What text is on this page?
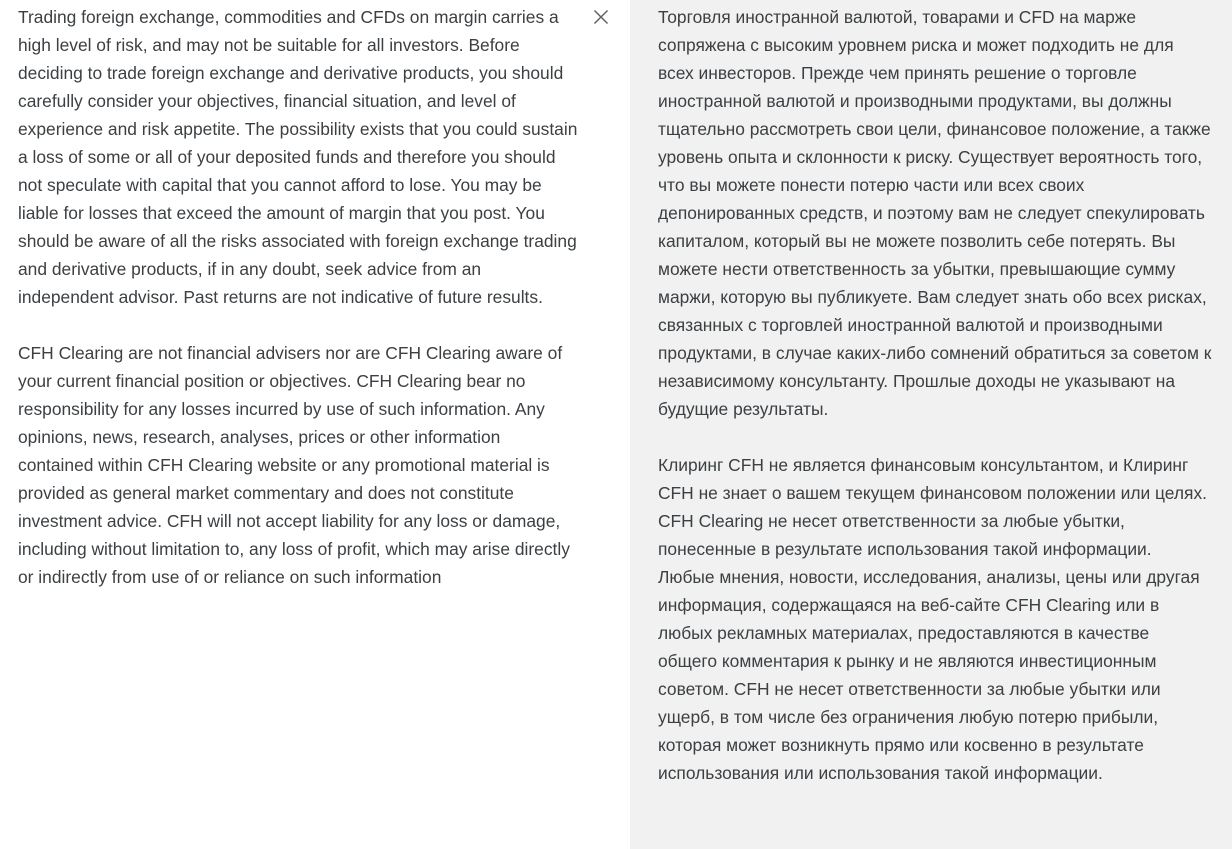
Trading foreign exchange, commodities and CFDs on margin carries a high level of risk, and may not be suitable for all investors. Before deciding to trade foreign exchange and derivative products, you should carefully consider your objectives, financial situation, and level of experience and risk appetite. The possibility exists that you could sustain a loss of some or all of your deposited funds and therefore you should not speculate with capital that you cannot afford to lose. You may be liable for losses that exceed the amount of margin that you post. You should be aware of all the risks associated with foreign exchange trading and derivative products, if in any doubt, seek advice from an independent advisor. Past returns are not indicative of future results.

CFH Clearing are not financial advisers nor are CFH Clearing aware of your current financial position or objectives. CFH Clearing bear no responsibility for any losses incurred by use of such information. Any opinions, news, research, analyses, prices or other information contained within CFH Clearing website or any promotional material is provided as general market commentary and does not constitute investment advice. CFH will not accept liability for any loss or damage, including without limitation to, any loss of profit, which may arise directly or indirectly from use of or reliance on such information

Торговля иностранной валютой, товарами и CFD на марже сопряжена с высоким уровнем риска и может подходить не для всех инвесторов. Прежде чем принять решение о торговле иностранной валютой и производными продуктами, вы должны тщательно рассмотреть свои цели, финансовое положение, а также уровень опыта и склонности к риску. Существует вероятность того, что вы можете понести потерю части или всех своих депонированных средств, и поэтому вам не следует спекулировать капиталом, который вы не можете позволить себе потерять. Вы можете нести ответственность за убытки, превышающие сумму маржи, которую вы публикуете. Вам следует знать обо всех рисках, связанных с торговлей иностранной валютой и производными продуктами, в случае каких-либо сомнений обратиться за советом к независимому консультанту. Прошлые доходы не указывают на будущие результаты.

Клиринг CFH не является финансовым консультантом, и Клиринг CFH не знает о вашем текущем финансовом положении или целях. CFH Clearing не несет ответственности за любые убытки, понесенные в результате использования такой информации. Любые мнения, новости, исследования, анализы, цены или другая информация, содержащаяся на веб-сайте CFH Clearing или в любых рекламных материалах, предоставляются в качестве общего комментария к рынку и не являются инвестиционным советом. CFH не несет ответственности за любые убытки или ущерб, в том числе без ограничения любую потерю прибыли, которая может возникнуть прямо или косвенно в результате использования или использования такой информации.
